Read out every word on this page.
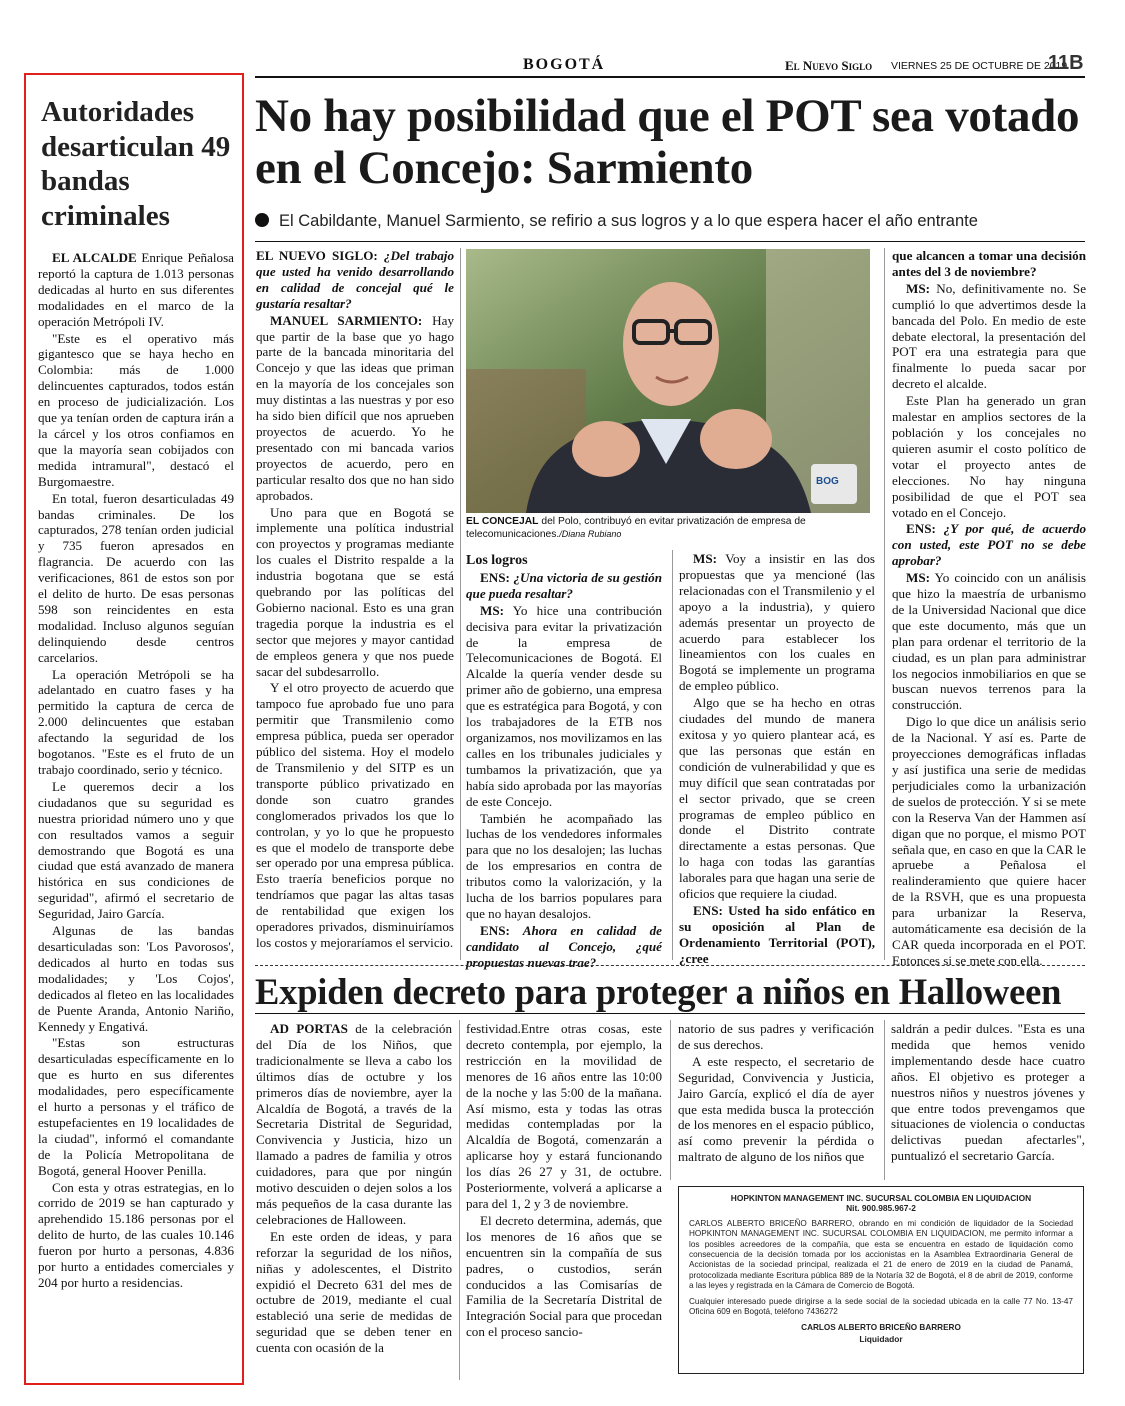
BOGOTÁ	El Nuevo Siglo VIERNES 25 DE OCTUBRE DE 2019
11B
Autoridades desarticulan 49 bandas criminales

EL ALCALDE Enrique Peñalosa reportó la captura de 1.013 personas dedicadas al hurto en sus diferentes modalidades en el marco de la operación Metrópoli IV.

"Este es el operativo más gigantesco que se haya hecho en Colombia: más de 1.000 delincuentes capturados, todos están en proceso de judicialización. Los que ya tenían orden de captura irán a la cárcel y los otros confiamos en que la mayoría sean cobijados con medida intramural", destacó el Burgomaestre.

En total, fueron desarticuladas 49 bandas criminales. De los capturados, 278 tenían orden judicial y 735 fueron apresados en flagrancia. De acuerdo con las verificaciones, 861 de estos son por el delito de hurto. De esas personas 598 son reincidentes en esta modalidad. Incluso algunos seguían delinquiendo desde centros carcelarios.

La operación Metrópoli se ha adelantado en cuatro fases y ha permitido la captura de cerca de 2.000 delincuentes que estaban afectando la seguridad de los bogotanos. "Este es el fruto de un trabajo coordinado, serio y técnico.

Le queremos decir a los ciudadanos que su seguridad es nuestra prioridad número uno y que con resultados vamos a seguir demostrando que Bogotá es una ciudad que está avanzado de manera histórica en sus condiciones de seguridad", afirmó el secretario de Seguridad, Jairo García.

Algunas de las bandas desarticuladas son: 'Los Pavorosos', dedicados al hurto en todas sus modalidades; y 'Los Cojos', dedicados al fleteo en las localidades de Puente Aranda, Antonio Nariño, Kennedy y Engativá.

"Estas son estructuras desarticuladas específicamente en lo que es hurto en sus diferentes modalidades, pero específicamente el hurto a personas y el tráfico de estupefacientes en 19 localidades de la ciudad", informó el comandante de la Policía Metropolitana de Bogotá, general Hoover Penilla.

Con esta y otras estrategias, en lo corrido de 2019 se han capturado y aprehendido 15.186 personas por el delito de hurto, de las cuales 10.146 fueron por hurto a personas, 4.836 por hurto a entidades comerciales y 204 por hurto a residencias.

No hay posibilidad que el POT sea votado en el Concejo: Sarmiento
El Cabildante, Manuel Sarmiento, se refirio a sus logros y a lo que espera hacer el año entrante

EL NUEVO SIGLO: ¿Del trabajo que usted ha venido desarrollando en calidad de concejal qué le gustaría resaltar?

MANUEL SARMIENTO: Hay que partir de la base que yo hago parte de la bancada minoritaria del Concejo y que las ideas que priman en la mayoría de los concejales son muy distintas a las nuestras y por eso ha sido bien difícil que nos aprueben proyectos de acuerdo. Yo he presentado con mi bancada varios proyectos de acuerdo, pero en particular resalto dos que no han sido aprobados.

Uno para que en Bogotá se implemente una política industrial con proyectos y programas mediante los cuales el Distrito respalde a la industria bogotana que se está quebrando por las políticas del Gobierno nacional. Esto es una gran tragedia porque la industria es el sector que mejores y mayor cantidad de empleos genera y que nos puede sacar del subdesarrollo.

Y el otro proyecto de acuerdo que tampoco fue aprobado fue uno para permitir que Transmilenio como empresa pública, pueda ser operador público del sistema. Hoy el modelo de Transmilenio y del SITP es un transporte público privatizado en donde son cuatro grandes conglomerados privados los que lo controlan, y yo lo que he propuesto es que el modelo de transporte debe ser operado por una empresa pública. Esto traería beneficios porque no tendríamos que pagar las altas tasas de rentabilidad que exigen los operadores privados, disminuiríamos los costos y mejoraríamos el servicio.

BOG
EL CONCEJAL del Polo, contribuyó en evitar privatización de empresa de telecomunicaciones./Diana Rubiano

Los logros

ENS: ¿Una victoria de su gestión que pueda resaltar?

MS: Yo hice una contribución decisiva para evitar la privatización de la empresa de Telecomunicaciones de Bogotá. El Alcalde la quería vender desde su primer año de gobierno, una empresa que es estratégica para Bogotá, y con los trabajadores de la ETB nos organizamos, nos movilizamos en las calles en los tribunales judiciales y tumbamos la privatización, que ya había sido aprobada por las mayorías de este Concejo.

También he acompañado las luchas de los vendedores informales para que no los desalojen; las luchas de los empresarios en contra de tributos como la valorización, y la lucha de los barrios populares para que no hayan desalojos.

ENS: Ahora en calidad de candidato al Concejo, ¿qué propuestas nuevas trae?

MS: Voy a insistir en las dos propuestas que ya mencioné (las relacionadas con el Transmilenio y el apoyo a la industria), y quiero además presentar un proyecto de acuerdo para establecer los lineamientos con los cuales en Bogotá se implemente un programa de empleo público.

Algo que se ha hecho en otras ciudades del mundo de manera exitosa y yo quiero plantear acá, es que las personas que están en condición de vulnerabilidad y que es muy difícil que sean contratadas por el sector privado, que se creen programas de empleo público en donde el Distrito contrate directamente a estas personas. Que lo haga con todas las garantías laborales para que hagan una serie de oficios que requiere la ciudad.

ENS: Usted ha sido enfático en su oposición al Plan de Ordenamiento Territorial (POT), ¿cree

que alcancen a tomar una decisión antes del 3 de noviembre?

MS: No, definitivamente no. Se cumplió lo que advertimos desde la bancada del Polo. En medio de este debate electoral, la presentación del POT era una estrategia para que finalmente lo pueda sacar por decreto el alcalde.

Este Plan ha generado un gran malestar en amplios sectores de la población y los concejales no quieren asumir el costo político de votar el proyecto antes de elecciones. No hay ninguna posibilidad de que el POT sea votado en el Concejo.

ENS: ¿Y por qué, de acuerdo con usted, este POT no se debe aprobar?

MS: Yo coincido con un análisis que hizo la maestría de urbanismo de la Universidad Nacional que dice que este documento, más que un plan para ordenar el territorio de la ciudad, es un plan para administrar los negocios inmobiliarios en que se buscan nuevos terrenos para la construcción.

Digo lo que dice un análisis serio de la Nacional. Y así es. Parte de proyecciones demográficas infladas y así justifica una serie de medidas perjudiciales como la urbanización de suelos de protección. Y si se mete con la Reserva Van der Hammen así digan que no porque, el mismo POT señala que, en caso en que la CAR le apruebe a Peñalosa el realinderamiento que quiere hacer de la RSVH, que es una propuesta para urbanizar la Reserva, automáticamente esa decisión de la CAR queda incorporada en el POT. Entonces si se mete con ella.

Expiden decreto para proteger a niños en Halloween

AD PORTAS de la celebración del Día de los Niños, que tradicionalmente se lleva a cabo los últimos días de octubre y los primeros días de noviembre, ayer la Alcaldía de Bogotá, a través de la Secretaria Distrital de Seguridad, Convivencia y Justicia, hizo un llamado a padres de familia y otros cuidadores, para que por ningún motivo descuiden o dejen solos a los más pequeños de la casa durante las celebraciones de Halloween.

En este orden de ideas, y para reforzar la seguridad de los niños, niñas y adolescentes, el Distrito expidió el Decreto 631 del mes de octubre de 2019, mediante el cual estableció una serie de medidas de seguridad que se deben tener en cuenta con ocasión de la

festividad.Entre otras cosas, este decreto contempla, por ejemplo, la restricción en la movilidad de menores de 16 años entre las 10:00 de la noche y las 5:00 de la mañana. Así mismo, esta y todas las otras medidas contempladas por la Alcaldía de Bogotá, comenzarán a aplicarse hoy y estará funcionando los días 26 27 y 31, de octubre. Posteriormente, volverá a aplicarse a para del 1, 2 y 3 de noviembre.

El decreto determina, además, que los menores de 16 años que se encuentren sin la compañía de sus padres, o custodios, serán conducidos a las Comisarías de Familia de la Secretaría Distrital de Integración Social para que procedan con el proceso sancio-

natorio de sus padres y verificación de sus derechos.

A este respecto, el secretario de Seguridad, Convivencia y Justicia, Jairo García, explicó el día de ayer que esta medida busca la protección de los menores en el espacio público, así como prevenir la pérdida o maltrato de alguno de los niños que

saldrán a pedir dulces. "Esta es una medida que hemos venido implementando desde hace cuatro años. El objetivo es proteger a nuestros niños y nuestros jóvenes y que entre todos prevengamos que situaciones de violencia o conductas delictivas puedan afectarles", puntualizó el secretario García.

HOPKINTON MANAGEMENT INC. SUCURSAL COLOMBIA EN LIQUIDACION
Nit. 900.985.967-2
CARLOS ALBERTO BRICEÑO BARRERO, obrando en mi condición de liquidador de la Sociedad HOPKINTON MANAGEMENT INC. SUCURSAL COLOMBIA EN LIQUIDACION, me permito informar a los posibles acreedores de la compañía, que esta se encuentra en estado de liquidación como consecuencia de la decisión tomada por los accionistas en la Asamblea Extraordinaria General de Accionistas de la sociedad principal, realizada el 21 de enero de 2019 en la ciudad de Panamá, protocolizada mediante Escritura pública 889 de la Notaría 32 de Bogotá, el 8 de abril de 2019, conforme a las leyes y registrada en la Cámara de Comercio de Bogotá.
Cualquier interesado puede dirigirse a la sede social de la sociedad ubicada en la calle 77 No. 13-47 Oficina 609 en Bogotá, teléfono 7436272
CARLOS ALBERTO BRICEÑO BARRERO
Liquidador
